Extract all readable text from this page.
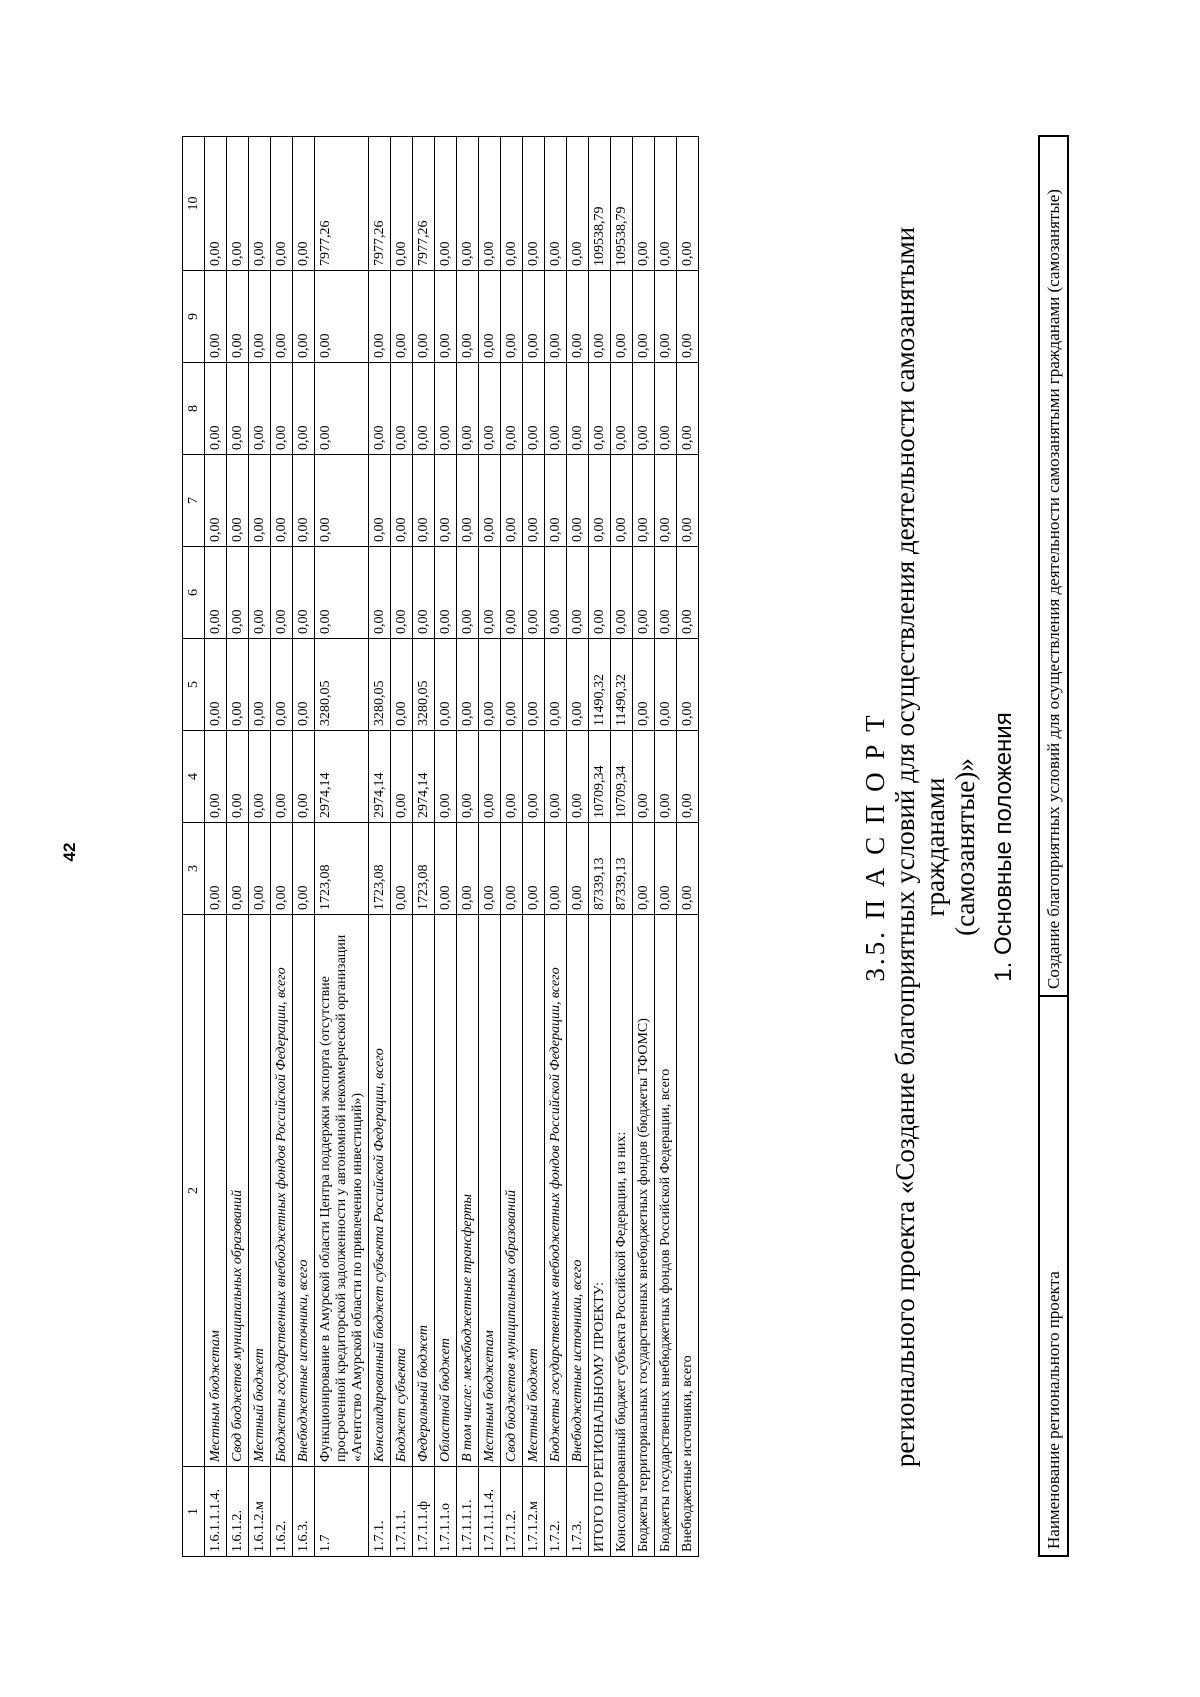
42
1	2	3	4	5	6	7	8	9	10
1.6.1.1.1.4.	Местным бюджетам	0,00	0,00	0,00	0,00	0,00	0,00	0,00	0,00
1.6.1.2.	Свод бюджетов муниципальных образований	0,00	0,00	0,00	0,00	0,00	0,00	0,00	0,00
1.6.1.2.м	Местный бюджет	0,00	0,00	0,00	0,00	0,00	0,00	0,00	0,00
1.6.2.	Бюджеты государственных внебюджетных фондов Российской Федерации, всего	0,00	0,00	0,00	0,00	0,00	0,00	0,00	0,00
1.6.3.	Внебюджетные источники, всего	0,00	0,00	0,00	0,00	0,00	0,00	0,00	0,00
1.7	Функционирование в Амурской области Центра поддержки экспорта (отсутствие просроченной кредиторской задолженности у автономной некоммерческой организации «Агентство Амурской области по привлечению инвестиций»)	1723,08	2974,14	3280,05	0,00	0,00	0,00	0,00	7977,26
1.7.1.	Консолидированный бюджет субъекта Российской Федерации, всего	1723,08	2974,14	3280,05	0,00	0,00	0,00	0,00	7977,26
1.7.1.1.	Бюджет субъекта	0,00	0,00	0,00	0,00	0,00	0,00	0,00	0,00
1.7.1.1.ф	Федеральный бюджет	1723,08	2974,14	3280,05	0,00	0,00	0,00	0,00	7977,26
1.7.1.1.о	Областной бюджет	0,00	0,00	0,00	0,00	0,00	0,00	0,00	0,00
1.7.1.1.1.	В том числе: межбюджетные трансферты	0,00	0,00	0,00	0,00	0,00	0,00	0,00	0,00
1.7.1.1.1.4.	Местным бюджетам	0,00	0,00	0,00	0,00	0,00	0,00	0,00	0,00
1.7.1.2.	Свод бюджетов муниципальных образований	0,00	0,00	0,00	0,00	0,00	0,00	0,00	0,00
1.7.1.2.м	Местный бюджет	0,00	0,00	0,00	0,00	0,00	0,00	0,00	0,00
1.7.2.	Бюджеты государственных внебюджетных фондов Российской Федерации, всего	0,00	0,00	0,00	0,00	0,00	0,00	0,00	0,00
1.7.3.	Внебюджетные источники, всего	0,00	0,00	0,00	0,00	0,00	0,00	0,00	0,00
ИТОГО ПО РЕГИОНАЛЬНОМУ ПРОЕКТУ:		87339,13	10709,34	11490,32	0,00	0,00	0,00	0,00	109538,79
Консолидированный бюджет субъекта Российской Федерации, из них:		87339,13	10709,34	11490,32	0,00	0,00	0,00	0,00	109538,79
Бюджеты территориальных государственных внебюджетных фондов (бюджеты ТФОМС)		0,00	0,00	0,00	0,00	0,00	0,00	0,00	0,00
Бюджеты государственных внебюджетных фондов Российской Федерации, всего		0,00	0,00	0,00	0,00	0,00	0,00	0,00	0,00
Внебюджетные источники, всего		0,00	0,00	0,00	0,00	0,00	0,00	0,00	0,00
3.5. П А С П О Р Т регионального проекта «Создание благоприятных условий для осуществления деятельности самозанятыми гражданами (самозанятые)» 1. Основные положения
Наименование регионального проекта	Создание благоприятных условий для осуществления деятельности самозанятыми гражданами (самозанятые)
